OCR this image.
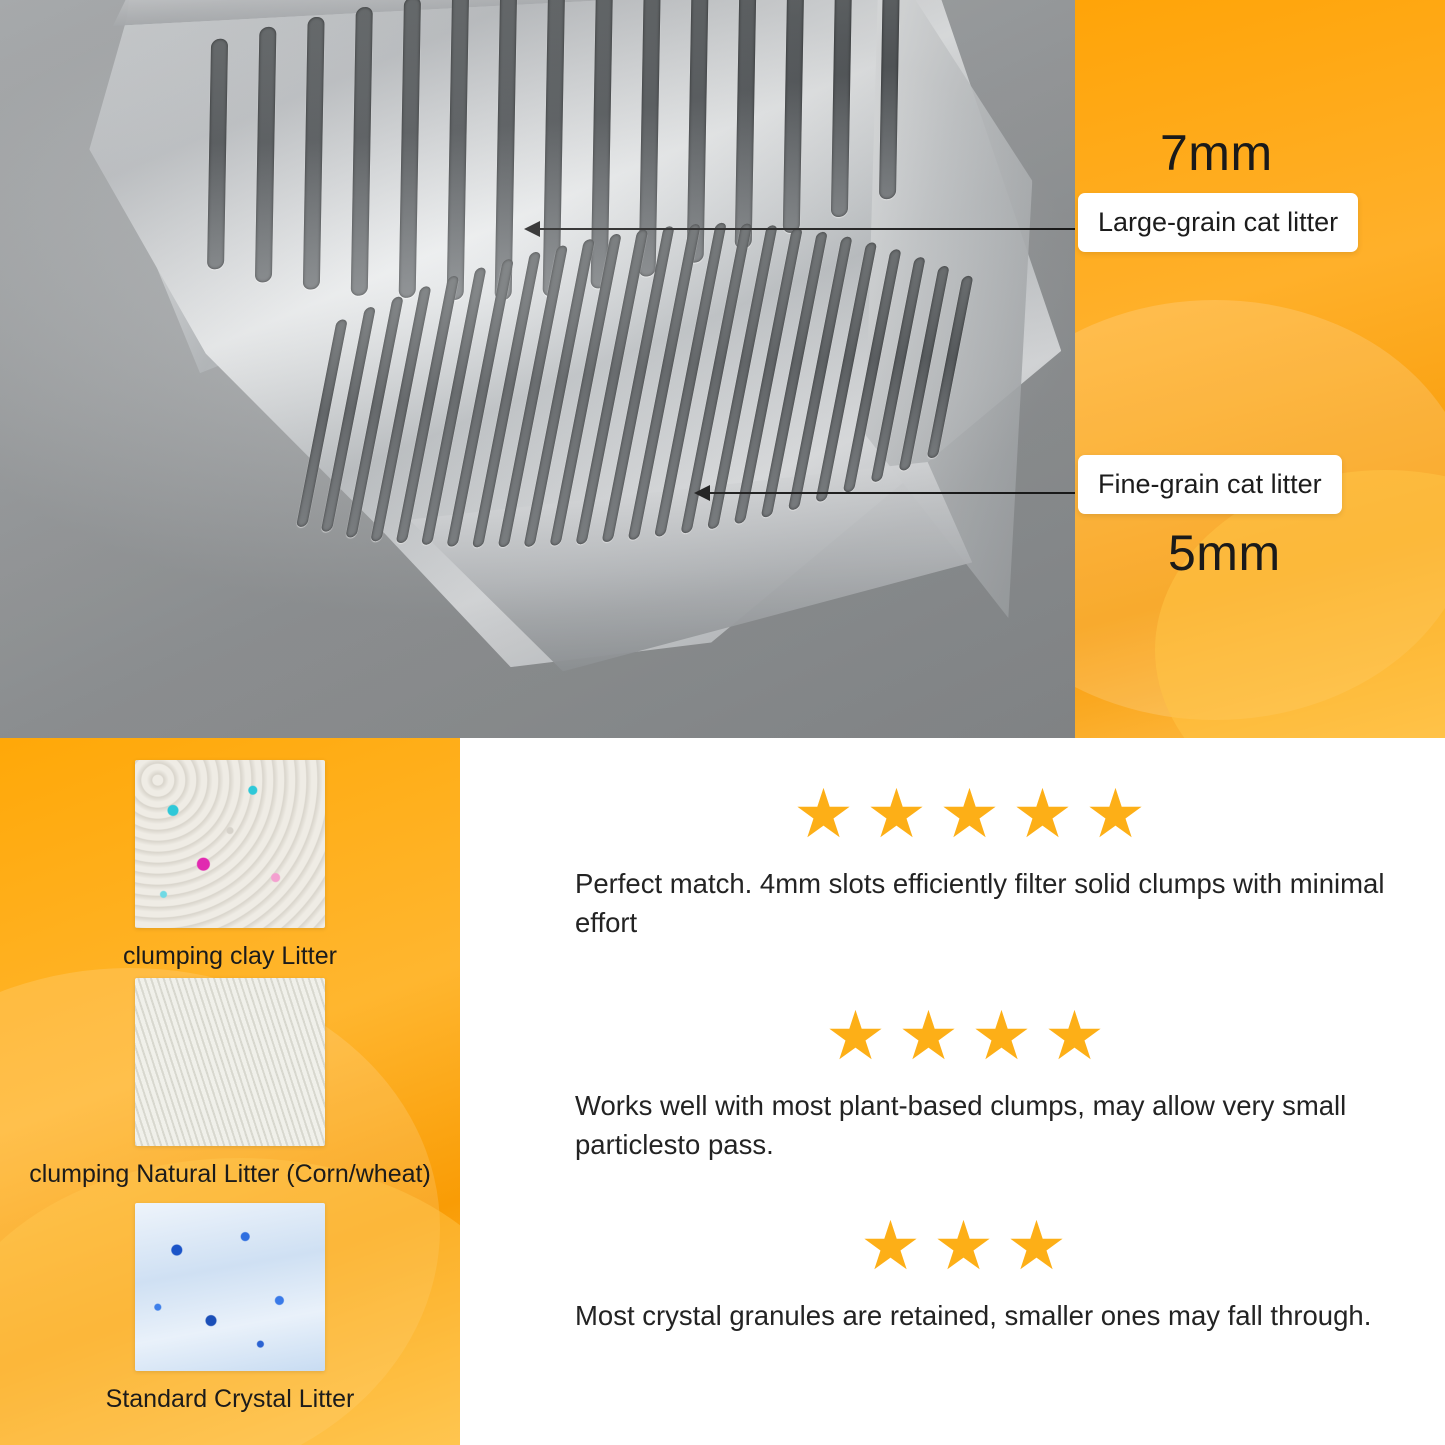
7mm
Large-grain cat litter
Fine-grain cat litter
5mm
clumping clay Litter
clumping Natural Litter (Corn/wheat)
Standard Crystal Litter
★ ★ ★ ★ ★
Perfect match. 4mm slots efficiently filter solid clumps with minimal effort
★ ★ ★ ★
Works well with most plant-based clumps, may allow very small particlesto pass.
★ ★ ★
Most crystal granules are retained, smaller ones may fall through.
